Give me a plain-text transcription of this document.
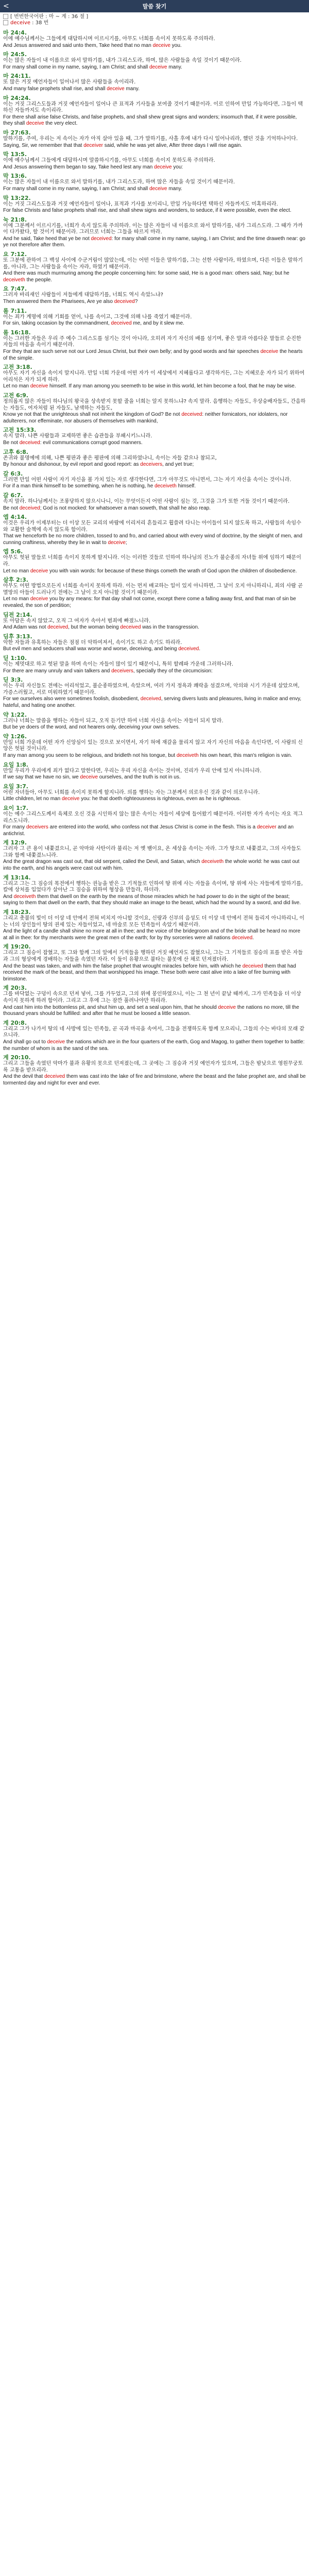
<	말씀 찾기
[ 번번한국어판 : 마 ~ 계 : 36 절 ]
deceive : 38 번
마 24:4.
이에 예수님께서는 그들에게 대답하시며 이르시기를, 아무도 너희를 속이지 못하도록 주의하라.
And Jesus answered and said unto them, Take heed that no man deceive you.
마 24:5.
이는 많은 자들이 내 이름으로 와서 말하기를, 내가 그리스도라, 하며, 많은 사람들을 속일 것이기 때문이라.
For many shall come in my name, saying, I am Christ; and shall deceive many.
마 24:11.
또 많은 거짓 예언자들이 일어나서 많은 사람들을 속이리라.
And many false prophets shall rise, and shall deceive many.
마 24:24.
이는 거짓 그리스도들과 거짓 예언자들이 일어나 큰 표적과 기사들을 보여줄 것이기 때문이라. 이로 인하여 만일 가능하다면, 그들이 택하신 자들까지도 속이리라.
For there shall arise false Christs, and false prophets, and shall shew great signs and wonders; insomuch that, if it were possible, they shall deceive the very elect.
마 27:63.
말하기를, 주여, 우리는 저 속이는 자가 아직 살아 있을 때, 그가 말하기를, 사흘 후에 내가 다시 일어나리라, 했던 것을 기억하나이다.
Saying, Sir, we remember that that deceiver said, while he was yet alive, After three days I will rise again.
막 13:5.
이에 예수님께서 그들에게 대답하시며 말씀하시기를, 아무도 너희를 속이지 못하도록 주의하라.
And Jesus answering them began to say, Take heed lest any man deceive you:
막 13:6.
이는 많은 자들이 내 이름으로 와서 말하기를, 내가 그리스도라, 하며 많은 자들을 속일 것이기 때문이라.
For many shall come in my name, saying, I am Christ; and shall deceive many.
막 13:22.
이는 거짓 그리스도들과 거짓 예언자들이 일어나, 표적과 기사를 보이리니, 만일 가능하다면 택하신 자들까지도 미혹하리라.
For false Christs and false prophets shall rise, and shall shew signs and wonders, to seduce, if it were possible, even the elect.
눅 21:8.
이에 그분께서 이르시기를, 너희가 속지 않도록 주의하라. 이는 많은 자들이 내 이름으로 와서 말하기를, 내가 그리스도라. 그 때가 가까이 다가왔다, 할 것이기 때문이라. 그러므로 너희는 그들을 따르지 마라.
And he said, Take heed that ye be not deceived: for many shall come in my name, saying, I am Christ; and the time draweth near: go ye not therefore after them.
요 7:12.
또 그분에 관하여 그 백성 사이에 수군거림이 많았는데, 이는 어떤 이들은 말하기를, 그는 선한 사람이라, 하였으며, 다른 이들은 말하기를, 아니라, 그는 사람들을 속이는 자라, 하였기 때문이라.
And there was much murmuring among the people concerning him: for some said, He is a good man: others said, Nay; but he deceiveth the people.
요 7:47.
그러자 바리새인 사람들이 저들에게 대답하기를, 너희도 역시 속았느냐?
Then answered them the Pharisees, Are ye also deceived?
롬 7:11.
이는 죄가 계명에 의해 기회를 얻어, 나를 속이고, 그것에 의해 나를 죽였기 때문이라.
For sin, taking occasion by the commandment, deceived me, and by it slew me.
롬 16:18.
이는 그러한 자들은 우리 주 예수 그리스도를 섬기는 것이 아니라, 오히려 자기 자신의 배를 섬기며, 좋은 말과 아름다운 말들로 순진한 자들의 마음을 속이기 때문이라.
For they that are such serve not our Lord Jesus Christ, but their own belly; and by good words and fair speeches deceive the hearts of the simple.
고전 3:18.
아무도 자기 자신을 속이지 말지니라. 만일 너희 가운데 어떤 자가 이 세상에서 지혜롭다고 생각하거든, 그는 지혜로운 자가 되기 위하여 어리석은 자가 되게 하라.
Let no man deceive himself. If any man among you seemeth to be wise in this world, let him become a fool, that he may be wise.
고전 6:9.
정의롭지 않은 자들이 하나님의 왕국을 상속받지 못할 줄을 너희는 알지 못하느냐? 속지 말라. 음행하는 자들도, 우상숭배자들도, 간음하는 자들도, 여자처럼 된 자들도, 남색하는 자들도,
Know ye not that the unrighteous shall not inherit the kingdom of God? Be not deceived: neither fornicators, nor idolaters, nor adulterers, nor effeminate, nor abusers of themselves with mankind,
고전 15:33.
속지 말라. 나쁜 사람들과 교제하면 좋은 습관들을 부패시키느니라.
Be not deceived: evil communications corrupt good manners.
고후 6:8.
존귀와 불명예에 의해, 나쁜 평판과 좋은 평판에 의해 그리하였나니, 속이는 자들 같으나 참되고,
By honour and dishonour, by evil report and good report: as deceivers, and yet true;
갈 6:3.
그러면 만일 어떤 사람이 자기 자신을 볼 가치 있는 자로 생각한다면, 그가 아무것도 아니면서, 그는 자기 자신을 속이는 것이니라.
For if a man think himself to be something, when he is nothing, he deceiveth himself.
갈 6:7.
속지 말라. 하나님께서는 조롱당하지 않으시나니, 이는 무엇이든지 어떤 사람이 심는 것, 그것을 그가 또한 거둘 것이기 때문이라.
Be not deceived; God is not mocked: for whatsoever a man soweth, that shall he also reap.
엡 4:14.
이것은 우리가 이제부터는 더 이상 모든 교리의 바람에 이리저리 흔들리고 휩쓸려 다니는 아이들이 되지 않도록 하고, 사람들의 속임수와 교활한 술책에 속지 않도록 함이라.
That we henceforth be no more children, tossed to and fro, and carried about with every wind of doctrine, by the sleight of men, and cunning craftiness, whereby they lie in wait to deceive;
엡 5:6.
아무도 헛된 말들로 너희를 속이지 못하게 할지니라. 이는 이러한 것들로 인하여 하나님의 진노가 불순종의 자녀들 위에 임하기 때문이라.
Let no man deceive you with vain words: for because of these things cometh the wrath of God upon the children of disobedience.
살후 2:3.
아무도 어떤 방법으로든지 너희를 속이지 못하게 하라. 이는 먼저 배교하는 일이 있지 아니하면, 그 날이 오지 아니하리니, 죄의 사람 곧 멸망의 아들이 드러나기 전에는 그 날이 오지 아니할 것이기 때문이라.
Let no man deceive you by any means: for that day shall not come, except there come a falling away first, and that man of sin be revealed, the son of perdition;
딤전 2:14.
또 아담은 속지 않았고, 오직 그 여자가 속아서 범죄에 빠졌느니라.
And Adam was not deceived, but the woman being deceived was in the transgression.
딤후 3:13.
악한 자들과 유혹하는 자들은 점점 더 악하여져서, 속이기도 하고 속기도 하리라.
But evil men and seducers shall wax worse and worse, deceiving, and being deceived.
딛 1:10.
이는 제멋대로 하고 헛된 말을 하며 속이는 자들이 많이 있기 때문이니, 특히 할례파 가운데 그러하니라.
For there are many unruly and vain talkers and deceivers, specially they of the circumcision:
딛 3:3.
이는 우리 자신들도 전에는 어리석었고, 불순종하였으며, 속았으며, 여러 가지 정욕과 쾌락을 섬겼으며, 악의와 시기 가운데 살았으며, 가증스러웠고, 서로 미워하였기 때문이라.
For we ourselves also were sometimes foolish, disobedient, deceived, serving divers lusts and pleasures, living in malice and envy, hateful, and hating one another.
약 1:22.
그러나 너희는 말씀을 행하는 자들이 되고, 오직 듣기만 하여 너희 자신을 속이는 자들이 되지 말라.
But be ye doers of the word, and not hearers only, deceiving your own selves.
약 1:26.
만일 너희 가운데 어떤 자가 신앙심이 있는 것으로 보이면서, 자기 혀에 재갈을 물리지 않고 자기 자신의 마음을 속인다면, 이 사람의 신앙은 헛된 것이니라.
If any man among you seem to be religious, and bridleth not his tongue, but deceiveth his own heart, this man's religion is vain.
요일 1:8.
만일 우리가 우리에게 죄가 없다고 말한다면, 우리는 우리 자신을 속이는 것이며, 진리가 우리 안에 있지 아니하니라.
If we say that we have no sin, we deceive ourselves, and the truth is not in us.
요일 3:7.
어린 자녀들아, 아무도 너희를 속이지 못하게 할지니라. 의를 행하는 자는 그분께서 의로우신 것과 같이 의로우니라.
Little children, let no man deceive you: he that doeth righteousness is righteous, even as he is righteous.
요이 1:7.
이는 예수 그리스도께서 육체로 오신 것을 시인하지 않는 많은 속이는 자들이 세상에 들어왔기 때문이라. 이러한 자가 속이는 자요 적그리스도니라.
For many deceivers are entered into the world, who confess not that Jesus Christ is come in the flesh. This is a deceiver and an antichrist.
계 12:9.
그러자 그 큰 용이 내쫓겼으니, 곧 악마와 사탄이라 불리는 저 옛 뱀이요, 온 세상을 속이는 자라. 그가 땅으로 내쫓겼고, 그의 사자들도 그와 함께 내쫓겼느니라.
And the great dragon was cast out, that old serpent, called the Devil, and Satan, which deceiveth the whole world: he was cast out into the earth, and his angels were cast out with him.
계 13:14.
그리고 그는 그 짐승의 목전에서 행하는 권능을 받은 그 기적들로 인하여 땅 위에 사는 자들을 속이며, 땅 위에 사는 자들에게 말하기를, 칼에 상처를 입었다가 살아난 그 짐승을 위하여 형상을 만들라, 하더라.
And deceiveth them that dwell on the earth by the means of those miracles which he had power to do in the sight of the beast; saying to them that dwell on the earth, that they should make an image to the beast, which had the wound by a sword, and did live.
계 18:23.
그리고 촛불의 빛이 더 이상 네 안에서 전혀 비치지 아니할 것이요, 신랑과 신부의 음성도 더 이상 네 안에서 전혀 들리지 아니하리니, 이는 너의 상인들이 땅의 권세 있는 자들이었고, 네 마술로 모든 민족들이 속았기 때문이라.
And the light of a candle shall shine no more at all in thee; and the voice of the bridegroom and of the bride shall be heard no more at all in thee: for thy merchants were the great men of the earth; for by thy sorceries were all nations deceived.
계 19:20.
그리고 그 짐승이 잡혔고, 또 그와 함께 그의 앞에서 기적들을 행하던 거짓 예언자도 잡혔으니, 그는 그 기적들로 짐승의 표를 받은 자들과 그의 형상에게 경배하는 자들을 속였던 자라. 이 둘이 유황으로 불타는 불못에 산 채로 던져졌더라.
And the beast was taken, and with him the false prophet that wrought miracles before him, with which he deceived them that had received the mark of the beast, and them that worshipped his image. These both were cast alive into a lake of fire burning with brimstone.
계 20:3.
그를 바닥없는 구덩이 속으로 던져 넣어, 그를 가두었고, 그의 위에 봉인하였으니, 이는 그 천 년이 끝날 때까지, 그가 민족들을 더 이상 속이지 못하게 하려 함이라. 그리고 그 후에 그는 잠깐 풀려나야만 하리라.
And cast him into the bottomless pit, and shut him up, and set a seal upon him, that he should deceive the nations no more, till the thousand years should be fulfilled: and after that he must be loosed a little season.
계 20:8.
그리고 그가 나가서 땅의 네 사방에 있는 민족들, 곧 곡과 마곡을 속여서, 그들을 전쟁하도록 함께 모으리니, 그들의 수는 바다의 모래 같으니라.
And shall go out to deceive the nations which are in the four quarters of the earth, Gog and Magog, to gather them together to battle: the number of whom is as the sand of the sea.
계 20:10.
그리고 그들을 속였던 악마가 불과 유황의 못으로 던져졌는데, 그 곳에는 그 짐승과 거짓 예언자가 있으며, 그들은 밤낮으로 영원무궁토록 고통을 받으리라.
And the devil that deceived them was cast into the lake of fire and brimstone, where the beast and the false prophet are, and shall be tormented day and night for ever and ever.
